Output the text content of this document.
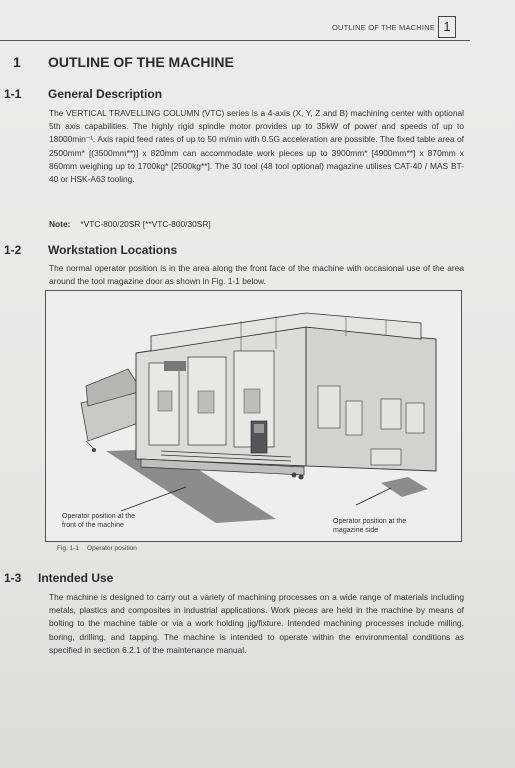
OUTLINE OF THE MACHINE 1
1 OUTLINE OF THE MACHINE
1-1 General Description
The VERTICAL TRAVELLING COLUMN (VTC) series is a 4-axis (X, Y, Z and B) machining center with optional 5th axis capabilities. The highly rigid spindle motor provides up to 35kW of power and speeds of up to 18000min⁻¹. Axis rapid feed rates of up to 50 m/min with 0.5G acceleration are possible. The fixed table area of 2500mm* [(3500mm**)] x 820mm can accommodate work pieces up to 3900mm* [4900mm**] x 870mm x 860mm weighing up to 1700kg* [2500kg**]. The 30 tool (48 tool optional) magazine utilises CAT-40 / MAS BT-40 or HSK-A63 tooling.
Note: *VTC-800/20SR [**VTC-800/30SR]
1-2 Workstation Locations
The normal operator position is in the area along the front face of the machine with occasional use of the area around the tool magazine door as shown in Fig. 1-1 below.
Operator position at the
front of the machine
Operator position at the
magazine side
Fig. 1-1 Operator position
1-3 Intended Use
The machine is designed to carry out a variety of machining processes on a wide range of materials including metals, plastics and composites in industrial applications. Work pieces are held in the machine by means of bolting to the machine table or via a work holding jig/fixture. Intended machining processes include milling, boring, drilling, and tapping. The machine is intended to operate within the environmental conditions as specified in section 6.2.1 of the maintenance manual.
